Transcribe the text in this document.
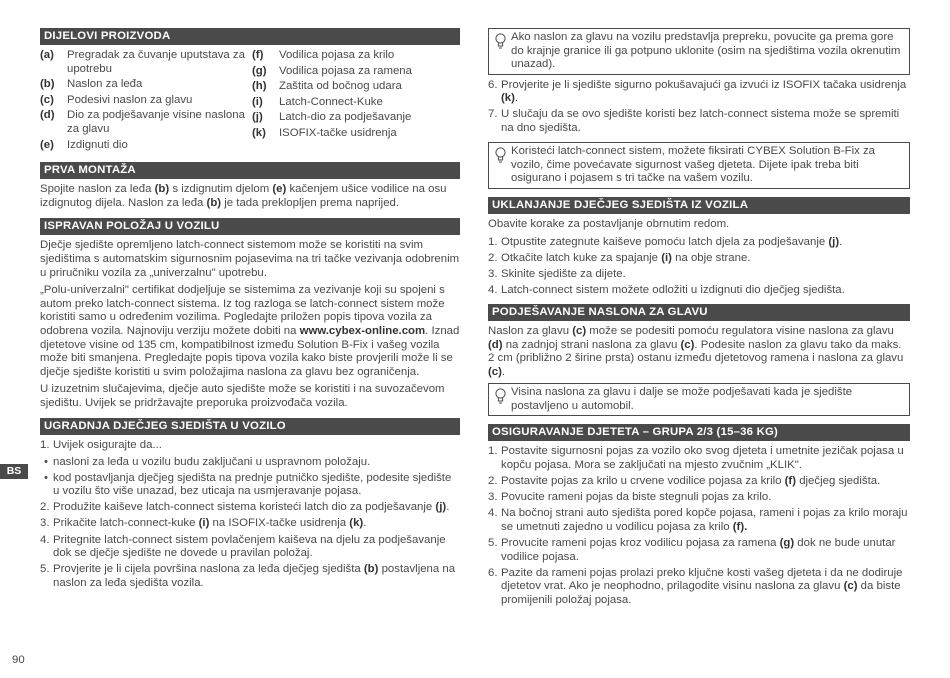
DIJELOVI PROIZVODA
(a)	Pregradak za čuvanje uputstava za upotrebu
(b)	Naslon za leđa
(c)	Podesivi naslon za glavu
(d)	Dio za podješavanje visine naslona za glavu
(e)	Izdignuti dio
(f)	Vodilica pojasa za krilo
(g)	Vodilica pojasa za ramena
(h)	Zaštita od bočnog udara
(i)	Latch-Connect-Kuke
(j)	Latch-dio za podješavanje
(k)	ISOFIX-tačke usidrenja
PRVA MONTAŽA
Spojite naslon za leđa (b) s izdignutim djelom (e) kačenjem ušice vodilice na osu izdignutog dijela. Naslon za leđa (b) je tada preklopljen prema naprijed.
ISPRAVAN POLOŽAJ U VOZILU
Dječje sjedište opremljeno latch-connect sistemom može se koristiti na svim sjedištima s automatskim sigurnosnim pojasevima na tri tačke vezivanja odobrenim u priručniku vozila za „univerzalnu" upotrebu.
„Polu-univerzalni" certifikat dodjeljuje se sistemima za vezivanje koji su spojeni s autom preko latch-connect sistema. Iz tog razloga se latch-connect sistem može koristiti samo u određenim vozilima. Pogledajte priložen popis tipova vozila za odobrena vozila. Najnoviju verziju možete dobiti na www.cybex-online.com. Iznad djetetove visine od 135 cm, kompatibilnost između Solution B-Fix i vašeg vozila može biti smanjena. Pregledajte popis tipova vozila kako biste provjerili može li se dječje sjedište koristiti u svim položajima naslona za glavu bez ograničenja.
U izuzetnim slučajevima, dječje auto sjedište može se koristiti i na suvozačevom sjedištu. Uvijek se pridržavajte preporuka proizvođača vozila.
UGRADNJA DJEČJEG SJEDIŠTA U VOZILO
1. Uvijek osigurajte da...
• nasloni za leđa u vozilu budu zaključani u uspravnom položaju.
• kod postavljanja dječjeg sjedišta na prednje putničko sjedište, podesite sjedište u vozilu što više unazad, bez uticaja na usmjeravanje pojasa.
2. Produžite kaiševe latch-connect sistema koristeći latch dio za podješavanje (j).
3. Prikačite latch-connect-kuke (i) na ISOFIX-tačke usidrenja (k).
4. Pritegnite latch-connect sistem povlačenjem kaiševa na djelu za podješavanje dok se dječje sjedište ne dovede u pravilan položaj.
5. Provjerite je li cijela površina naslona za leđa dječjeg sjedišta (b) postavljena na naslon za leđa sjedišta vozila.
Ako naslon za glavu na vozilu predstavlja prepreku, povucite ga prema gore do krajnje granice ili ga potpuno uklonite (osim na sjedištima vozila okrenutim unazad).
6. Provjerite je li sjedište sigurno pokušavajući ga izvući iz ISOFIX tačaka usidrenja (k).
7. U slučaju da se ovo sjedište koristi bez latch-connect sistema može se spremiti na dno sjedišta.
Koristeći latch-connect sistem, možete fiksirati CYBEX Solution B-Fix za vozilo, čime povećavate sigurnost vašeg djeteta. Dijete ipak treba biti osigurano i pojasem s tri tačke na vašem vozilu.
UKLANJANJE DJEČJEG SJEDIŠTA IZ VOZILA
Obavite korake za postavljanje obrnutim redom.
1. Otpustite zategnute kaiševe pomoću latch djela za podješavanje (j).
2. Otkačite latch kuke za spajanje (i) na obje strane.
3. Skinite sjedište za dijete.
4. Latch-connect sistem možete odložiti u izdignuti dio dječjeg sjedišta.
PODJEŠAVANJE NASLONA ZA GLAVU
Naslon za glavu (c) može se podesiti pomoću regulatora visine naslona za glavu (d) na zadnjoj strani naslona za glavu (c). Podesite naslon za glavu tako da maks. 2 cm (približno 2 širine prsta) ostanu između djetetovog ramena i naslona za glavu (c).
Visina naslona za glavu i dalje se može podješavati kada je sjedište postavljeno u automobil.
OSIGURAVANJE DJETETA – GRUPA 2/3 (15–36 KG)
1. Postavite sigurnosni pojas za vozilo oko svog djeteta i umetnite jezičak pojasa u kopču pojasa. Mora se zaključati na mjesto zvučnim „KLIK".
2. Postavite pojas za krilo u crvene vodilice pojasa za krilo (f) dječjeg sjedišta.
3. Povucite rameni pojas da biste stegnuli pojas za krilo.
4. Na bočnoj strani auto sjedišta pored kopče pojasa, rameni i pojas za krilo moraju se umetnuti zajedno u vodilicu pojasa za krilo (f).
5. Provucite rameni pojas kroz vodilicu pojasa za ramena (g) dok ne bude unutar vodilice pojasa.
6. Pazite da rameni pojas prolazi preko ključne kosti vašeg djeteta i da ne dodiruje djetetov vrat. Ako je neophodno, prilagodite visinu naslona za glavu (c) da biste promijenili položaj pojasa.
BS
90
